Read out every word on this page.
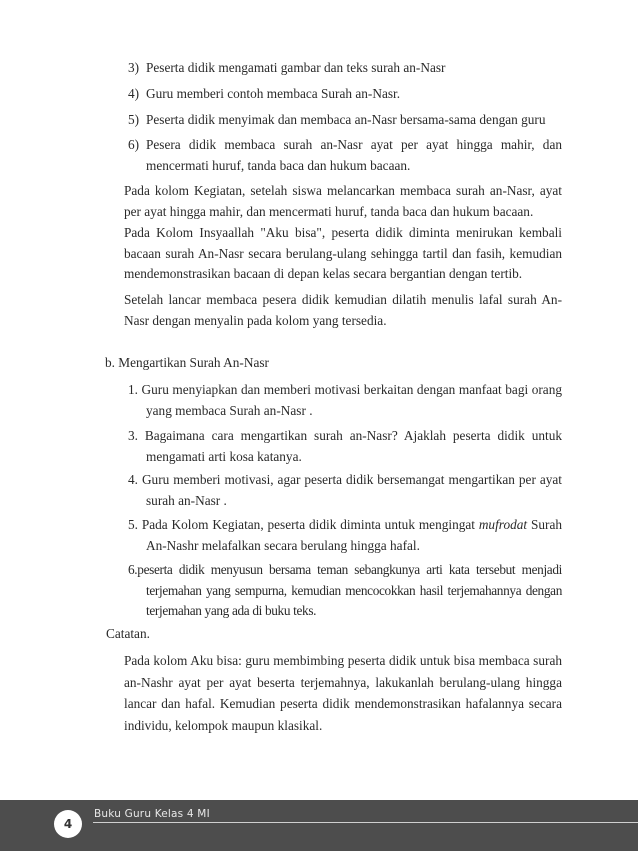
3) Peserta didik mengamati gambar dan teks surah an-Nasr

4) Guru memberi contoh membaca Surah an-Nasr.

5) Peserta didik menyimak dan membaca an-Nasr bersama-sama dengan guru

6) Pesera didik membaca surah an-Nasr ayat per ayat hingga mahir, dan mencermati huruf, tanda baca dan hukum bacaan.

Pada kolom Kegiatan, setelah siswa melancarkan membaca surah an-Nasr, ayat per ayat hingga mahir, dan mencermati huruf, tanda baca dan hukum bacaan.

Pada Kolom Insyaallah "Aku bisa", peserta didik diminta menirukan kembali bacaan surah An-Nasr secara berulang-ulang sehingga tartil dan fasih, kemudian mendemonstrasikan bacaan di depan kelas secara bergantian dengan tertib.

Setelah lancar membaca pesera didik kemudian dilatih menulis lafal surah An-Nasr dengan menyalin pada kolom yang tersedia.

b. Mengartikan Surah An-Nasr

1. Guru menyiapkan dan memberi motivasi berkaitan dengan manfaat bagi orang yang membaca Surah an-Nasr .

3. Bagaimana cara mengartikan surah an-Nasr? Ajaklah peserta didik untuk mengamati arti kosa katanya.

4. Guru memberi motivasi, agar peserta didik bersemangat mengartikan per ayat surah an-Nasr .

5. Pada Kolom Kegiatan, peserta didik diminta untuk mengingat mufrodat Surah An-Nashr melafalkan secara berulang hingga hafal.

6.peserta didik menyusun bersama teman sebangkunya arti kata tersebut menjadi terjemahan yang sempurna, kemudian mencocokkan hasil terjemahannya dengan terjemahan yang ada di buku teks.

Catatan.

Pada kolom Aku bisa: guru membimbing peserta didik untuk bisa membaca surah an-Nashr ayat per ayat beserta terjemahnya, lakukanlah berulang-ulang hingga lancar dan hafal. Kemudian peserta didik mendemonstrasikan hafalannya secara individu, kelompok maupun klasikal.

4
Buku Guru Kelas 4 MI
